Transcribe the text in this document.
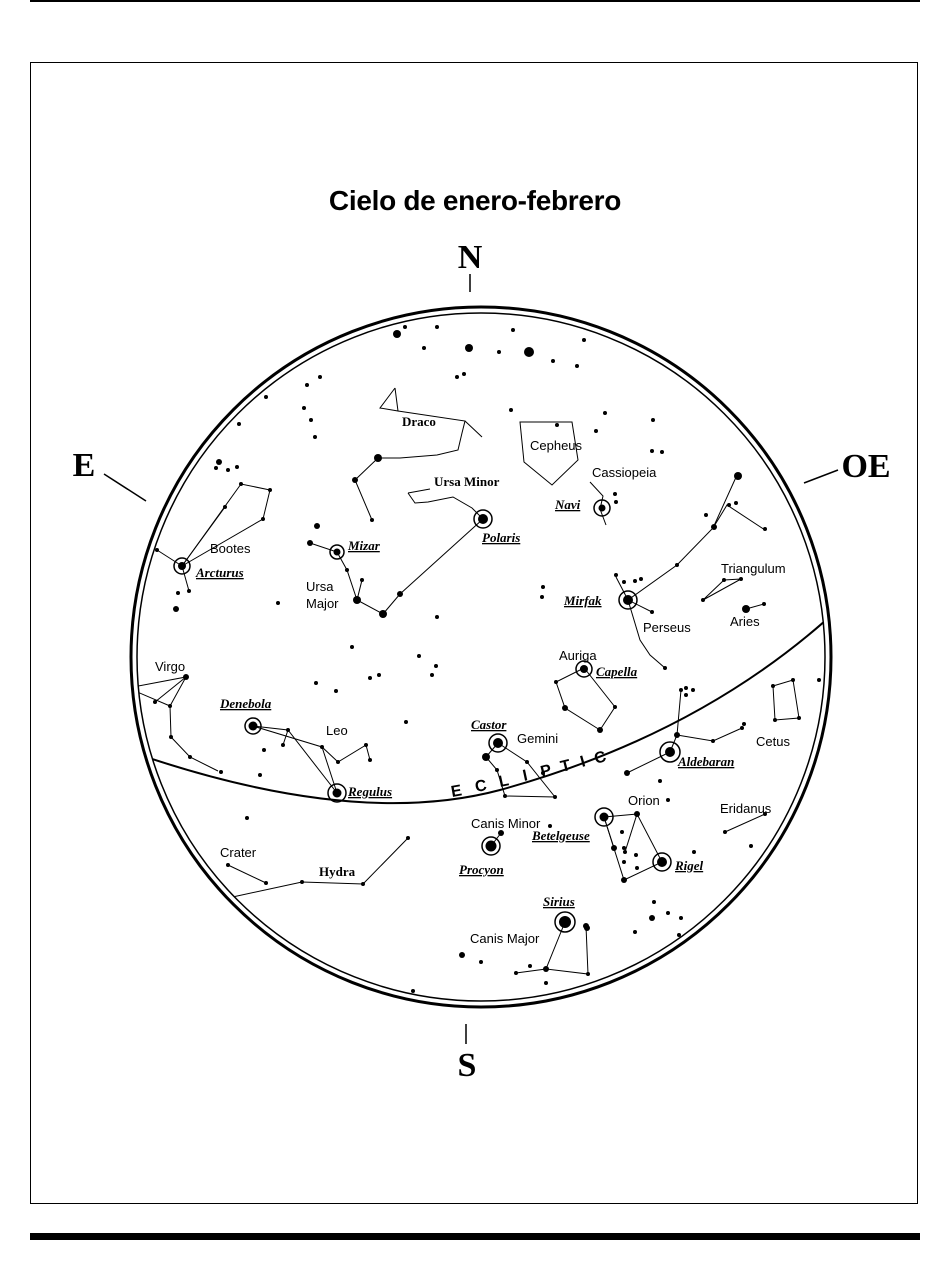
Cielo de enero-febrero
N
S
E	OE
E C L I P T I C
Draco
Cepheus
Cassiopeia
Ursa Minor
Bootes
Ursa
Major
Perseus
Triangulum
Aries
Auriga
Virgo
Leo
Gemini	Cetus
Orion
Eridanus
Canis Minor
Crater
Hydra
Canis Major
Arcturus
Mizar
Polaris
Navi
Mirfak
Capella
Denebola
Castor
Regulus
Aldebaran
Betelgeuse
Procyon	Rigel
Sirius
